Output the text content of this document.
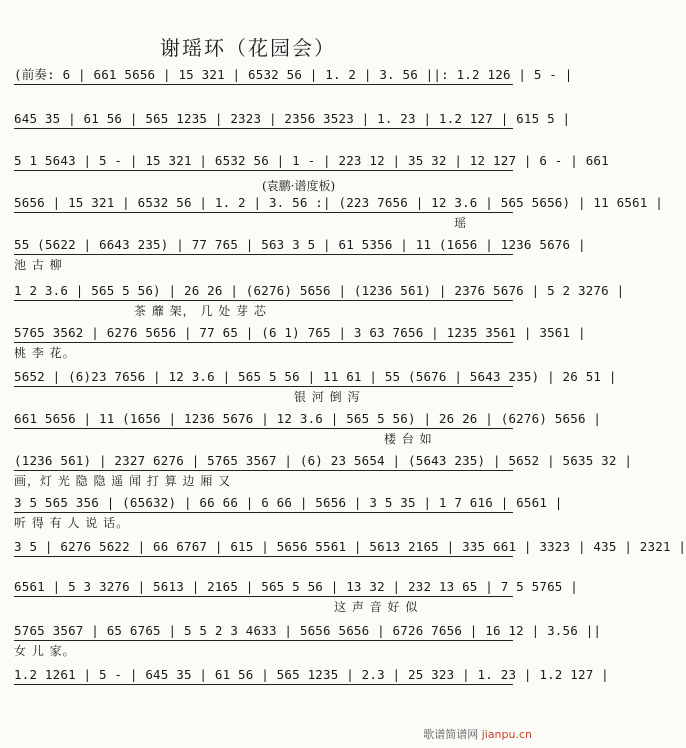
谢瑶环（花园会）
(袁鹏·谱度板)
(前奏: 6 | 661 5656 | 15 321 | 6532 56 | 1. 2 | 3. 56 ||: 1.2 126 | 5 - |
645 35 | 61 56 | 565 1235 | 2323 | 2356 3523 | 1. 23 | 1.2 127 | 615 5 |
5 1 5643 | 5 - | 15 321 | 6532 56 | 1 - | 223 12 | 35 32 | 12 127 | 6 - | 661
5656 | 15 321 | 6532 56 | 1. 2 | 3. 56 :| (223 7656 | 12 3.6 | 565 5656) | 11 6561 |
瑶
55 (5622 | 6643 235) | 77 765 | 563 3 5 | 61 5356 | 11 (1656 | 1236 5676 |
池 古 柳
1 2 3.6 | 565 5 56) | 26 26 | (6276) 5656 | (1236 561) | 2376 5676 | 5 2 3276 |
茶 蘼 架， 几 处 芽 芯
5765 3562 | 6276 5656 | 77 65 | (6 1) 765 | 3 63 7656 | 1235 3561 | 3561 |
桃 李 花。
5652 | (6)23 7656 | 12 3.6 | 565 5 56 | 11 61 | 55 (5676 | 5643 235) | 26 51 |
银 河 倒 泻
661 5656 | 11 (1656 | 1236 5676 | 12 3.6 | 565 5 56) | 26 26 | (6276) 5656 |
楼 台 如
(1236 561) | 2327 6276 | 5765 3567 | (6) 23 5654 | (5643 235) | 5652 | 5635 32 |
画，灯 光 隐 隐 遥 闻 打 算 边 厢 又
3 5 565 356 | (65632) | 66 66 | 6 66 | 5656 | 3 5 35 | 1 7 616 | 6561 |
听 得 有 人 说 话。
3 5 | 6276 5622 | 66 6767 | 615 | 5656 5561 | 5613 2165 | 335 661 | 3323 | 435 | 2321 |
6561 | 5 3 3276 | 5613 | 2165 | 565 5 56 | 13 32 | 232 13 65 | 7 5 5765 |
这 声 音 好 似
5765 3567 | 65 6765 | 5 5 2 3 4633 | 5656 5656 | 6726 7656 | 16 12 | 3.56 ||
女 儿 家。
1.2 1261 | 5 - | 645 35 | 61 56 | 565 1235 | 2.3 | 25 323 | 1. 23 | 1.2 127 |
歌谱简谱网 jianpu.cn
